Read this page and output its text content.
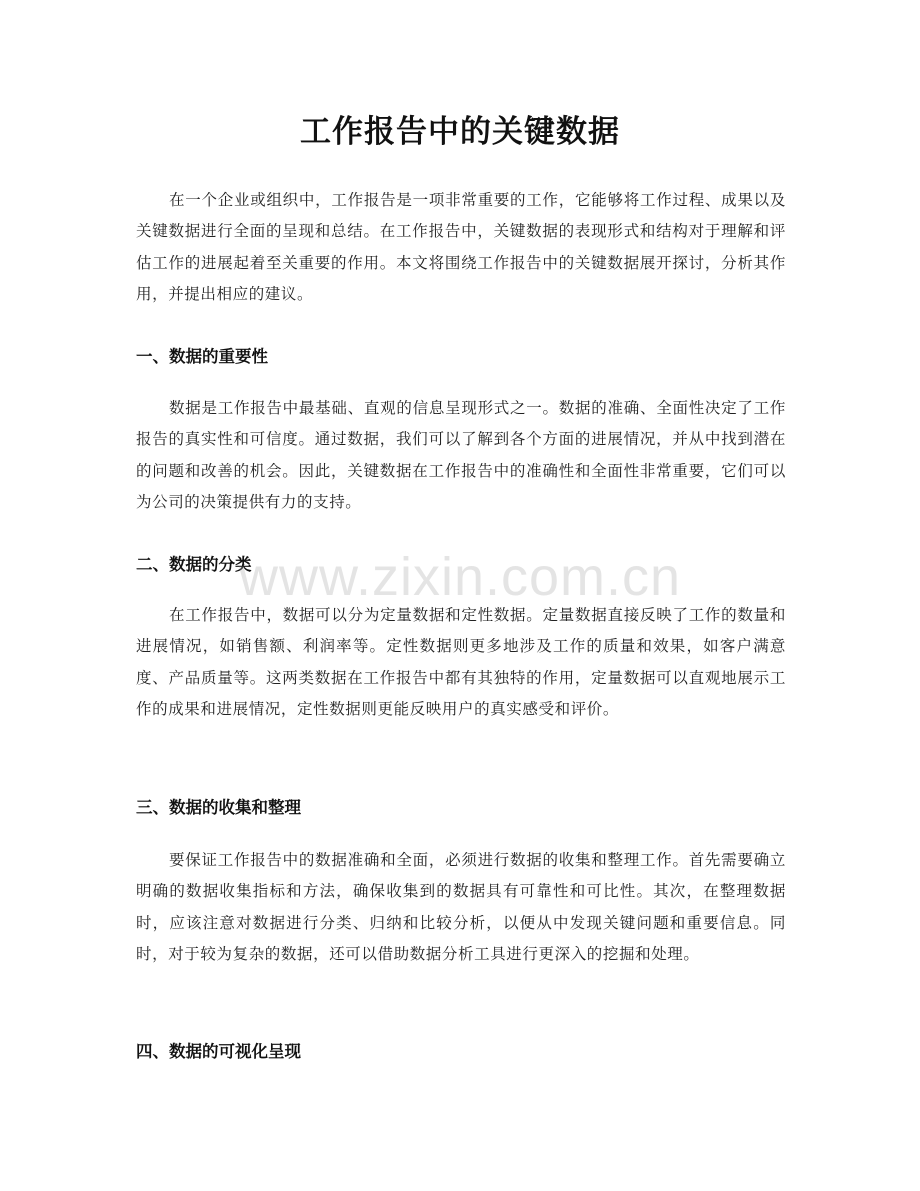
工作报告中的关键数据
在一个企业或组织中，工作报告是一项非常重要的工作，它能够将工作过程、成果以及关键数据进行全面的呈现和总结。在工作报告中，关键数据的表现形式和结构对于理解和评估工作的进展起着至关重要的作用。本文将围绕工作报告中的关键数据展开探讨，分析其作用，并提出相应的建议。
一、数据的重要性
数据是工作报告中最基础、直观的信息呈现形式之一。数据的准确、全面性决定了工作报告的真实性和可信度。通过数据，我们可以了解到各个方面的进展情况，并从中找到潜在的问题和改善的机会。因此，关键数据在工作报告中的准确性和全面性非常重要，它们可以为公司的决策提供有力的支持。
二、数据的分类
在工作报告中，数据可以分为定量数据和定性数据。定量数据直接反映了工作的数量和进展情况，如销售额、利润率等。定性数据则更多地涉及工作的质量和效果，如客户满意度、产品质量等。这两类数据在工作报告中都有其独特的作用，定量数据可以直观地展示工作的成果和进展情况，定性数据则更能反映用户的真实感受和评价。
三、数据的收集和整理
要保证工作报告中的数据准确和全面，必须进行数据的收集和整理工作。首先需要确立明确的数据收集指标和方法，确保收集到的数据具有可靠性和可比性。其次，在整理数据时，应该注意对数据进行分类、归纳和比较分析，以便从中发现关键问题和重要信息。同时，对于较为复杂的数据，还可以借助数据分析工具进行更深入的挖掘和处理。
四、数据的可视化呈现
www.zixin.com.cn
